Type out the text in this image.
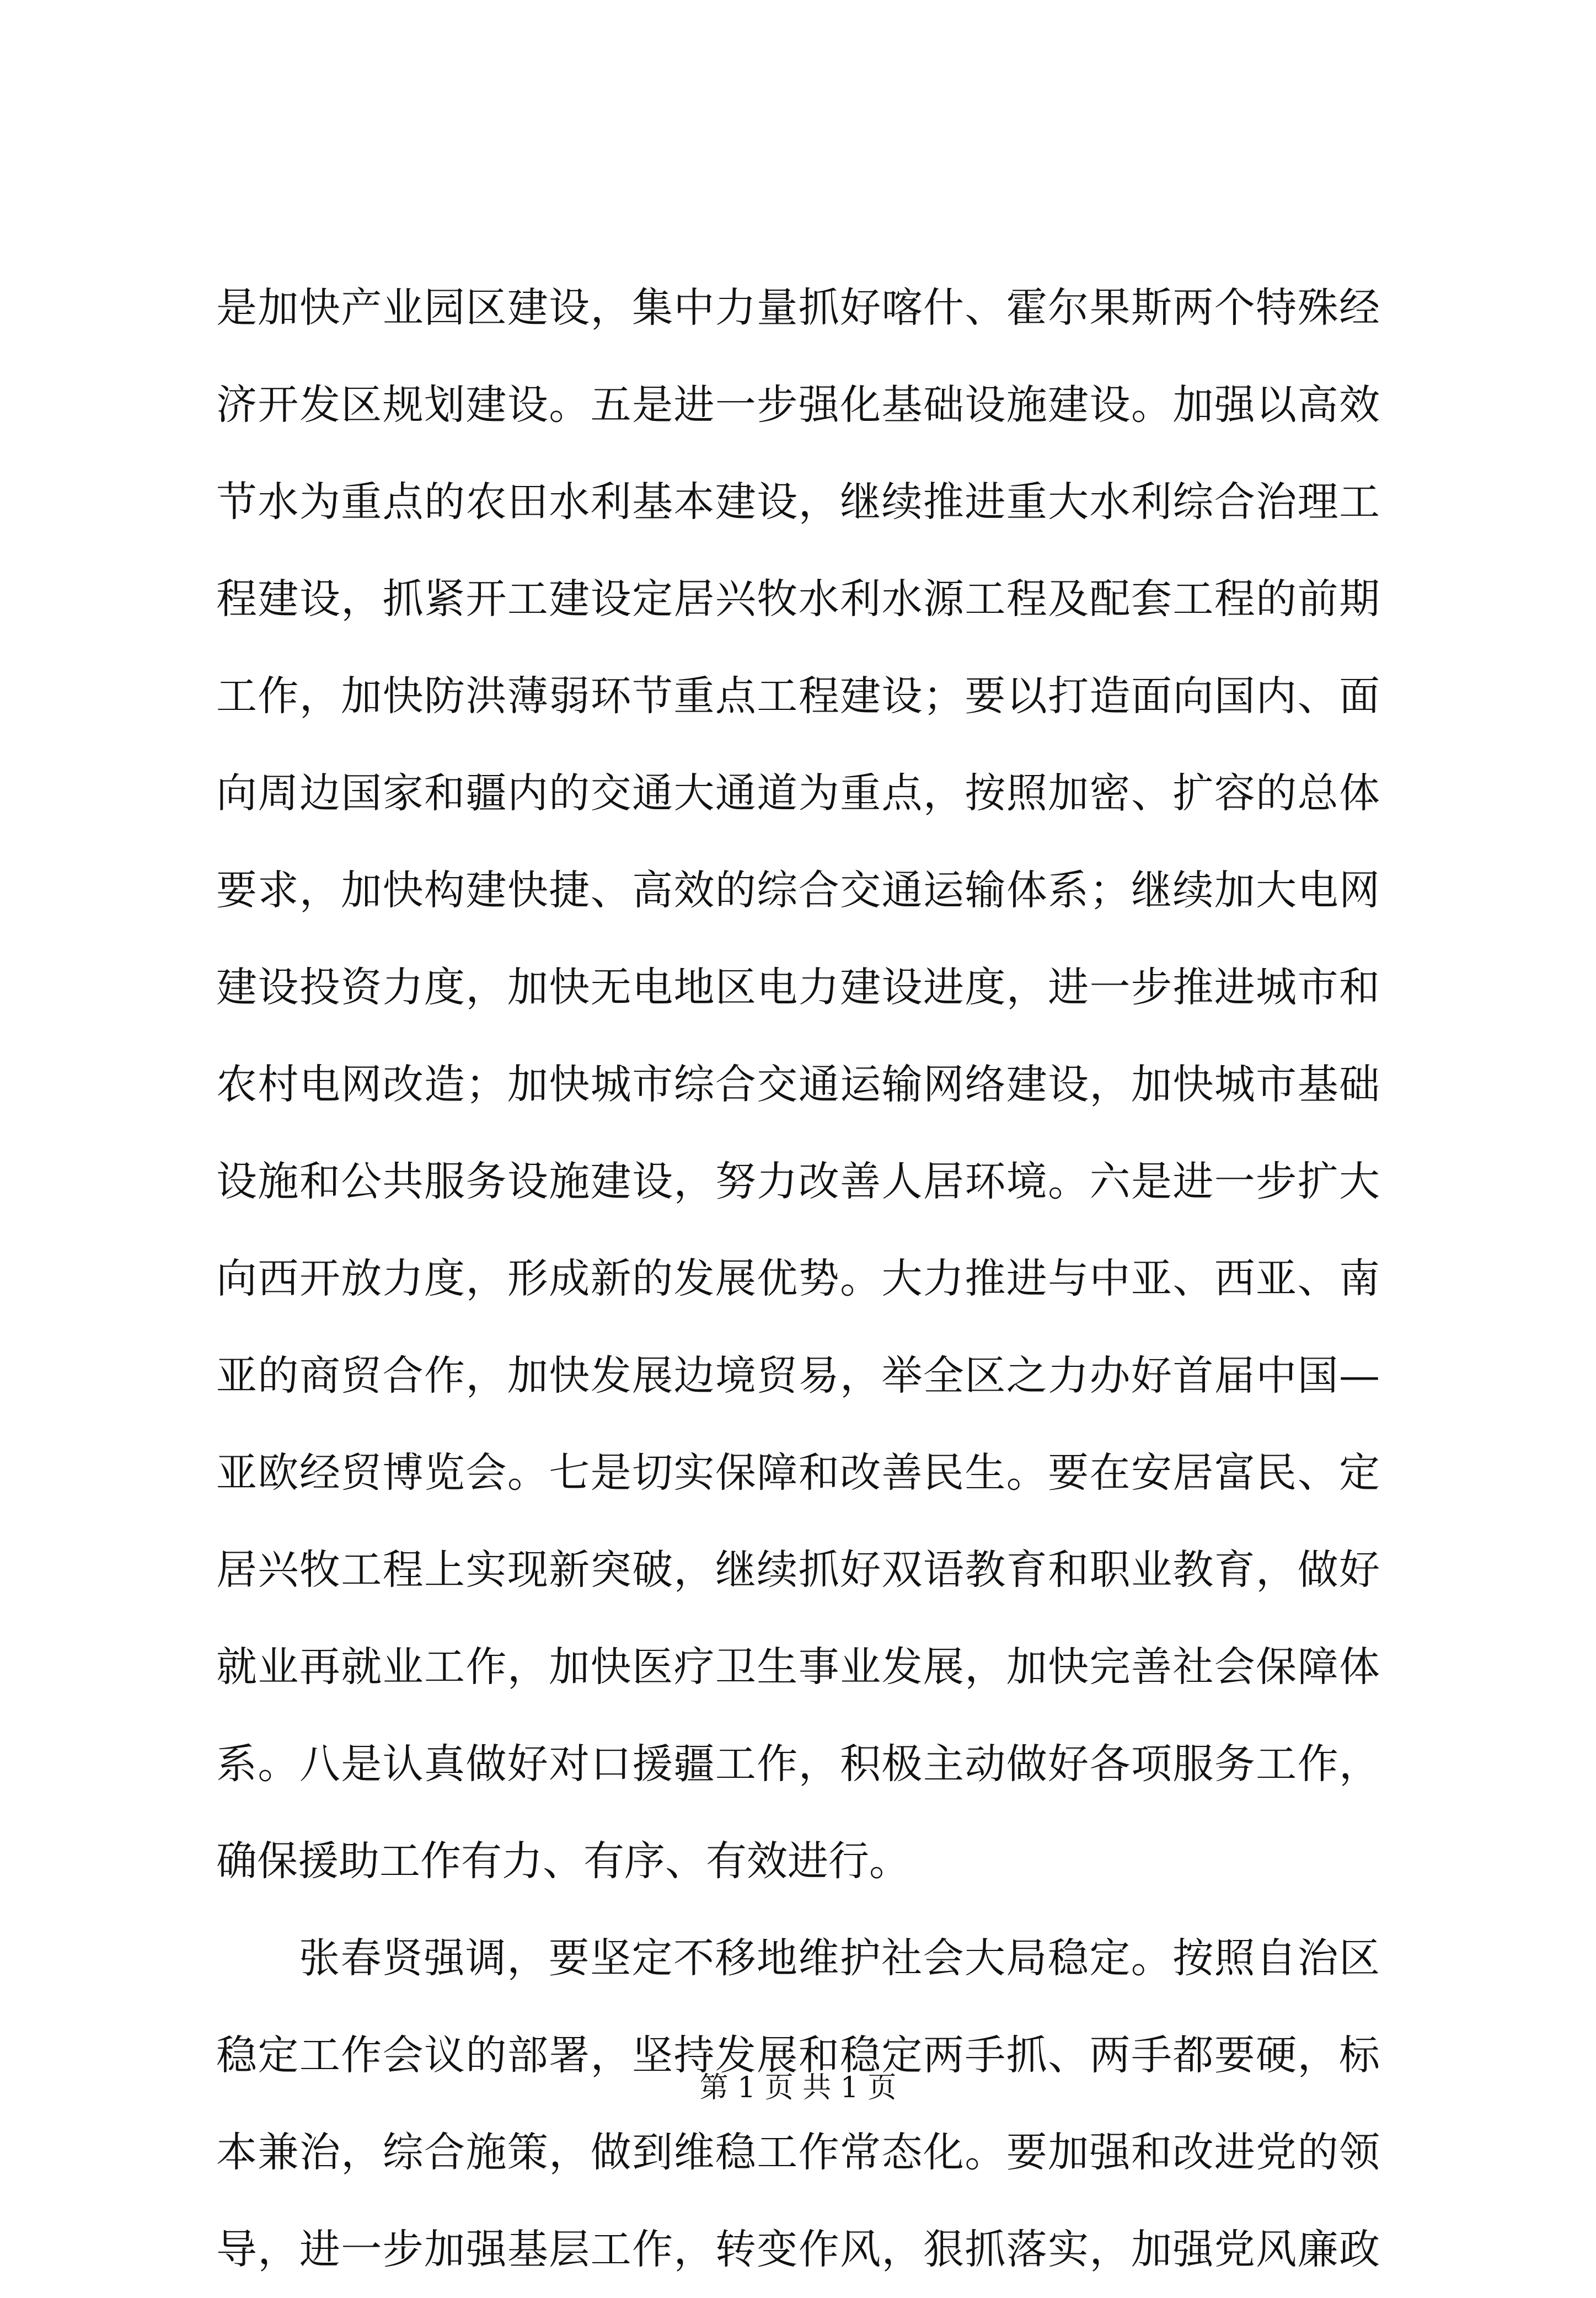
是加快产业园区建设，集中力量抓好喀什、霍尔果斯两个特殊经
济开发区规划建设。五是进一步强化基础设施建设。加强以高效
节水为重点的农田水利基本建设，继续推进重大水利综合治理工
程建设，抓紧开工建设定居兴牧水利水源工程及配套工程的前期
工作，加快防洪薄弱环节重点工程建设；要以打造面向国内、面
向周边国家和疆内的交通大通道为重点，按照加密、扩容的总体
要求，加快构建快捷、高效的综合交通运输体系；继续加大电网
建设投资力度，加快无电地区电力建设进度，进一步推进城市和
农村电网改造；加快城市综合交通运输网络建设，加快城市基础
设施和公共服务设施建设，努力改善人居环境。六是进一步扩大
向西开放力度，形成新的发展优势。大力推进与中亚、西亚、南
亚的商贸合作，加快发展边境贸易，举全区之力办好首届中国—
亚欧经贸博览会。七是切实保障和改善民生。要在安居富民、定
居兴牧工程上实现新突破，继续抓好双语教育和职业教育，做好
就业再就业工作，加快医疗卫生事业发展，加快完善社会保障体
系。八是认真做好对口援疆工作，积极主动做好各项服务工作，
确保援助工作有力、有序、有效进行。
张春贤强调，要坚定不移地维护社会大局稳定。按照自治区
稳定工作会议的部署，坚持发展和稳定两手抓、两手都要硬，标
本兼治，综合施策，做到维稳工作常态化。要加强和改进党的领
导，进一步加强基层工作，转变作风，狠抓落实，加强党风廉政
第 1 页 共 1 页
